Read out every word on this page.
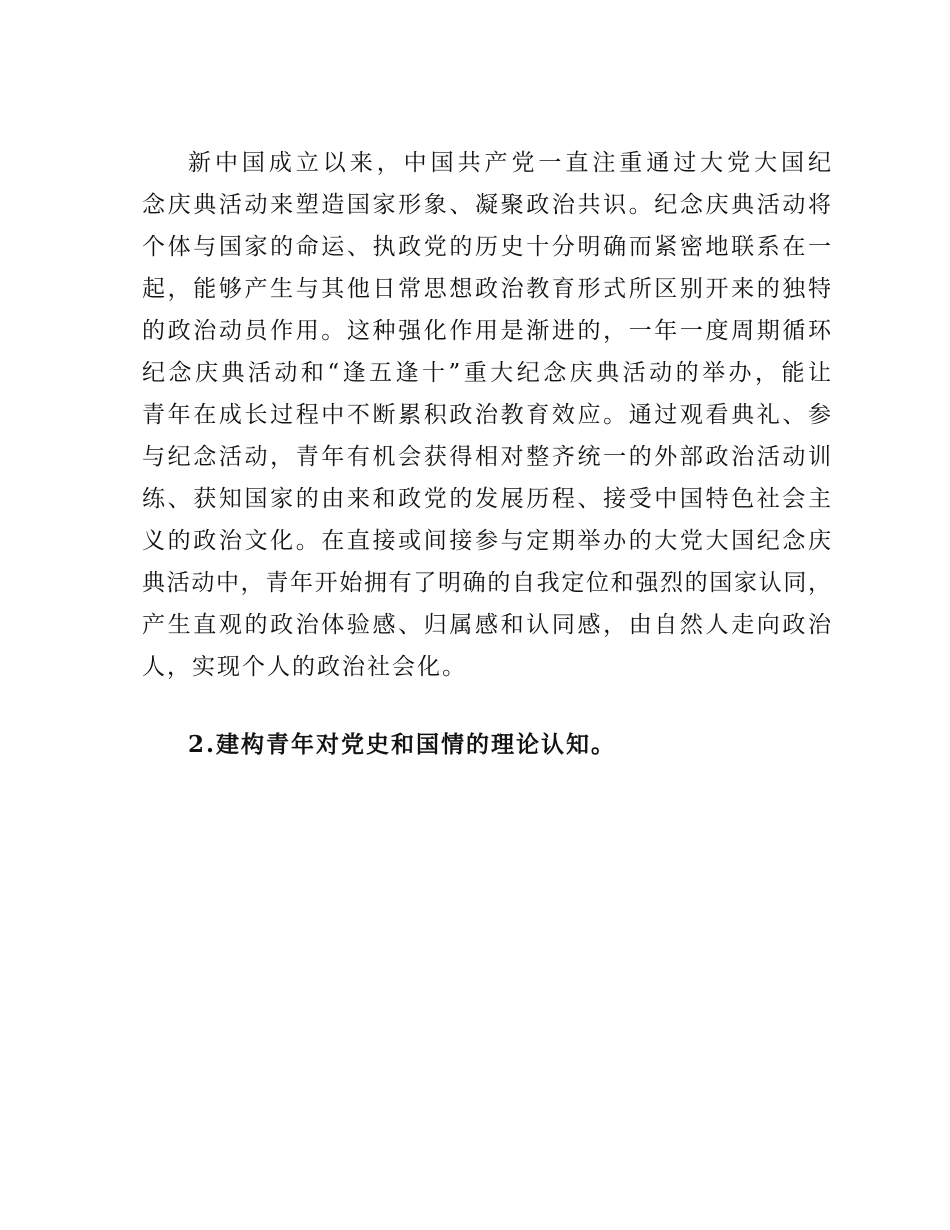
新中国成立以来，中国共产党一直注重通过大党大国纪
念庆典活动来塑造国家形象、凝聚政治共识。纪念庆典活动将
个体与国家的命运、执政党的历史十分明确而紧密地联系在一
起，能够产生与其他日常思想政治教育形式所区别开来的独特
的政治动员作用。这种强化作用是渐进的，一年一度周期循环
纪念庆典活动和“逢五逢十”重大纪念庆典活动的举办，能让
青年在成长过程中不断累积政治教育效应。通过观看典礼、参
与纪念活动，青年有机会获得相对整齐统一的外部政治活动训
练、获知国家的由来和政党的发展历程、接受中国特色社会主
义的政治文化。在直接或间接参与定期举办的大党大国纪念庆
典活动中，青年开始拥有了明确的自我定位和强烈的国家认同，
产生直观的政治体验感、归属感和认同感，由自然人走向政治
人，实现个人的政治社会化。
2.建构青年对党史和国情的理论认知。
